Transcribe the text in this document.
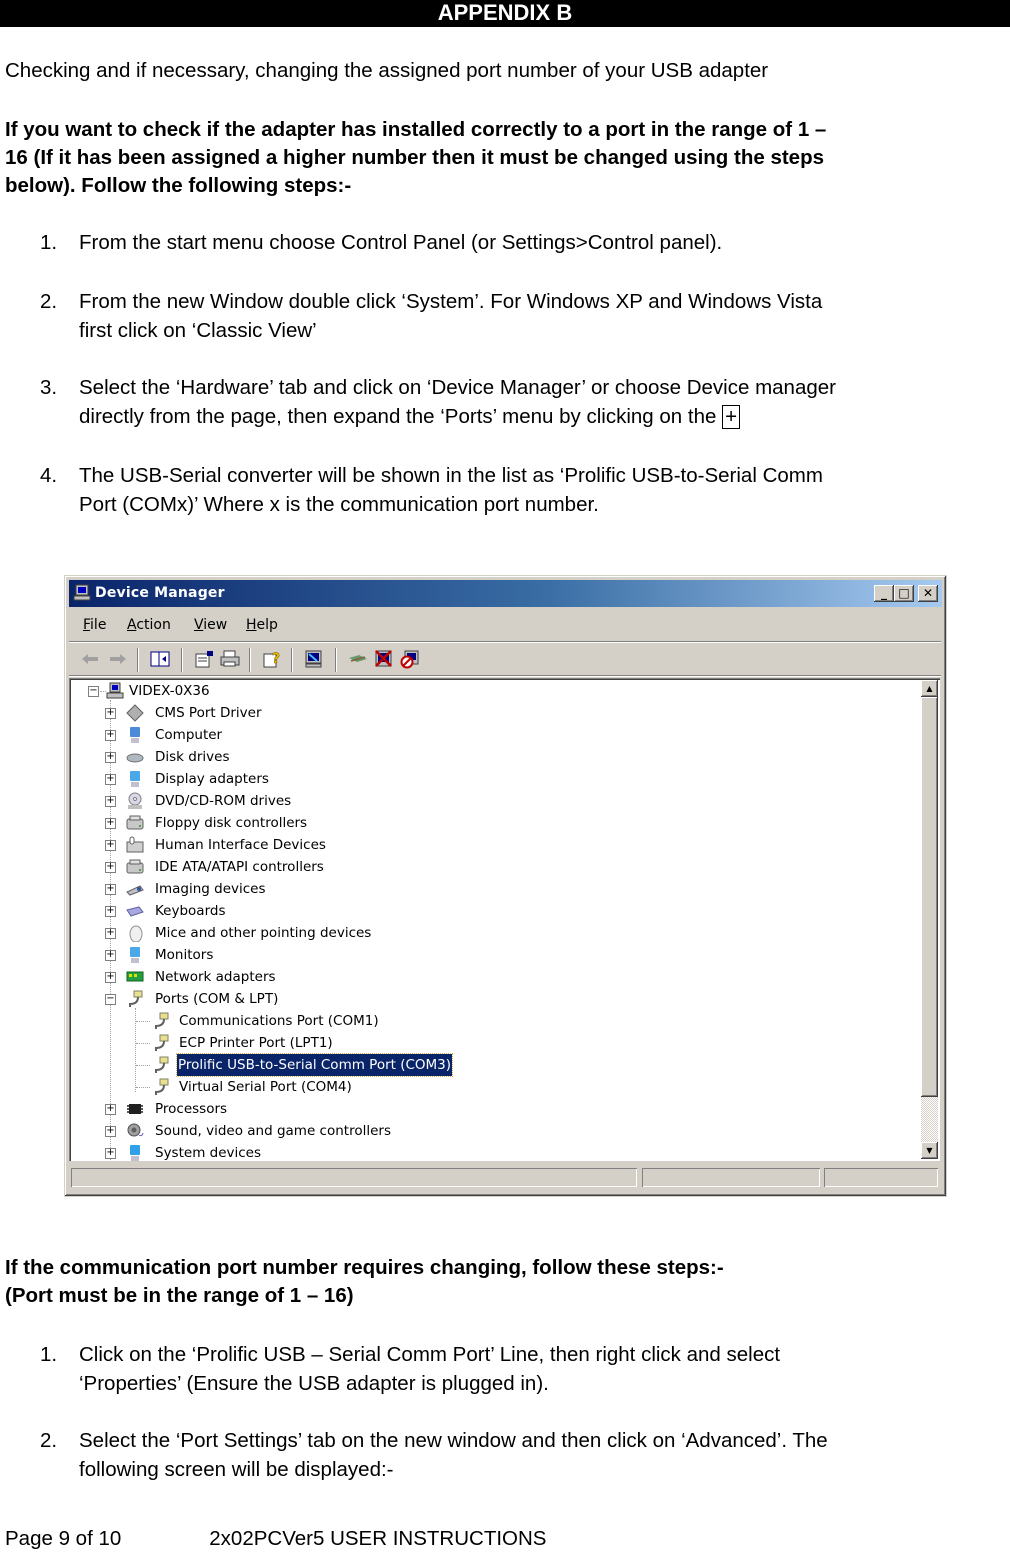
APPENDIX B
Checking and if necessary, changing the assigned port number of your USB adapter
If you want to check if the adapter has installed correctly to a port in the range of 1 –
16 (If it has been assigned a higher number then it must be changed using the steps
below). Follow the following steps:-
1. From the start menu choose Control Panel (or Settings>Control panel).
2. From the new Window double click ‘System’. For Windows XP and Windows Vista
first click on ‘Classic View’
3. Select the ‘Hardware’ tab and click on ‘Device Manager’ or choose Device manager
directly from the page, then expand the ‘Ports’ menu by clicking on the +
4. The USB-Serial converter will be shown in the list as ‘Prolific USB-to-Serial Comm
Port (COMx)’ Where x is the communication port number.
Device Manager	_ □	✕
File Action View Help
?
− VIDEX-0X36
+	CMS Port Driver
+	Computer
+	Disk drives
+	Display adapters
+	DVD/CD-ROM drives
+	Floppy disk controllers
+	Human Interface Devices
+	IDE ATA/ATAPI controllers
+	Imaging devices
+	Keyboards
+	Mice and other pointing devices
+	Monitors
+	Network adapters
−	Ports (COM & LPT)
Communications Port (COM1)
ECP Printer Port (LPT1)
Prolific USB-to-Serial Comm Port (COM3)
Virtual Serial Port (COM4)
+	Processors
+	Sound, video and game controllers
+	System devices
▲
▼
If the communication port number requires changing, follow these steps:-
(Port must be in the range of 1 – 16)
1. Click on the ‘Prolific USB – Serial Comm Port’ Line, then right click and select
‘Properties’ (Ensure the USB adapter is plugged in).
2. Select the ‘Port Settings’ tab on the new window and then click on ‘Advanced’. The
following screen will be displayed:-
Page 9 of 10	2x02PCVer5 USER INSTRUCTIONS
